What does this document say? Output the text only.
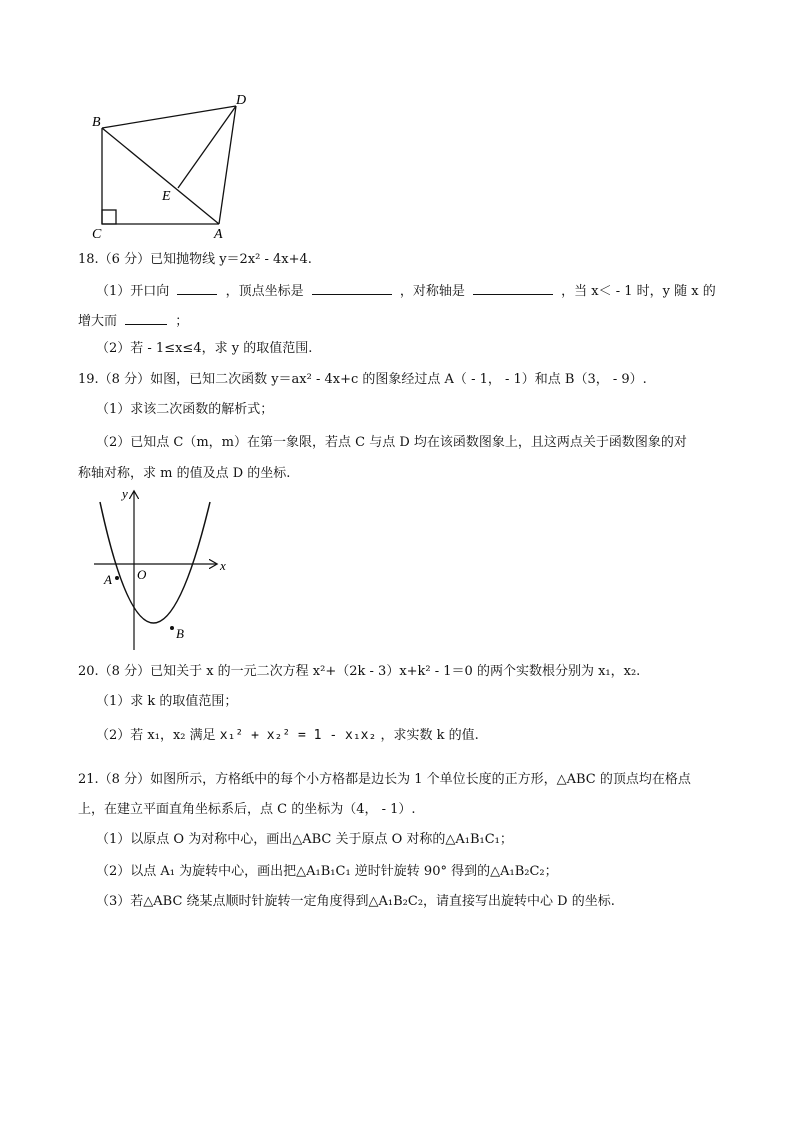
B
D
E
C	A
18.（6 分）已知抛物线 y＝2x² - 4x+4.
（1）开口向	，顶点坐标是	，对称轴是	，当 x＜ - 1 时，y 随 x 的
增大而	；
（2）若 - 1≤x≤4，求 y 的取值范围.
19.（8 分）如图，已知二次函数 y＝ax² - 4x+c 的图象经过点 A（ - 1， - 1）和点 B（3， - 9）.
（1）求该二次函数的解析式；
（2）已知点 C（m，m）在第一象限，若点 C 与点 D 均在该函数图象上，且这两点关于函数图象的对
称轴对称，求 m 的值及点 D 的坐标.
y
x
O
A
B
20.（8 分）已知关于 x 的一元二次方程 x²+（2k - 3）x+k² - 1＝0 的两个实数根分别为 x₁，x₂.
（1）求 k 的取值范围；
（2）若 x₁，x₂ 满足 x₁² + x₂² = 1 - x₁x₂ ，求实数 k 的值.
21.（8 分）如图所示，方格纸中的每个小方格都是边长为 1 个单位长度的正方形，△ABC 的顶点均在格点
上，在建立平面直角坐标系后，点 C 的坐标为（4， - 1）.
（1）以原点 O 为对称中心，画出△ABC 关于原点 O 对称的△A₁B₁C₁；
（2）以点 A₁ 为旋转中心，画出把△A₁B₁C₁ 逆时针旋转 90° 得到的△A₁B₂C₂；
（3）若△ABC 绕某点顺时针旋转一定角度得到△A₁B₂C₂，请直接写出旋转中心 D 的坐标.
